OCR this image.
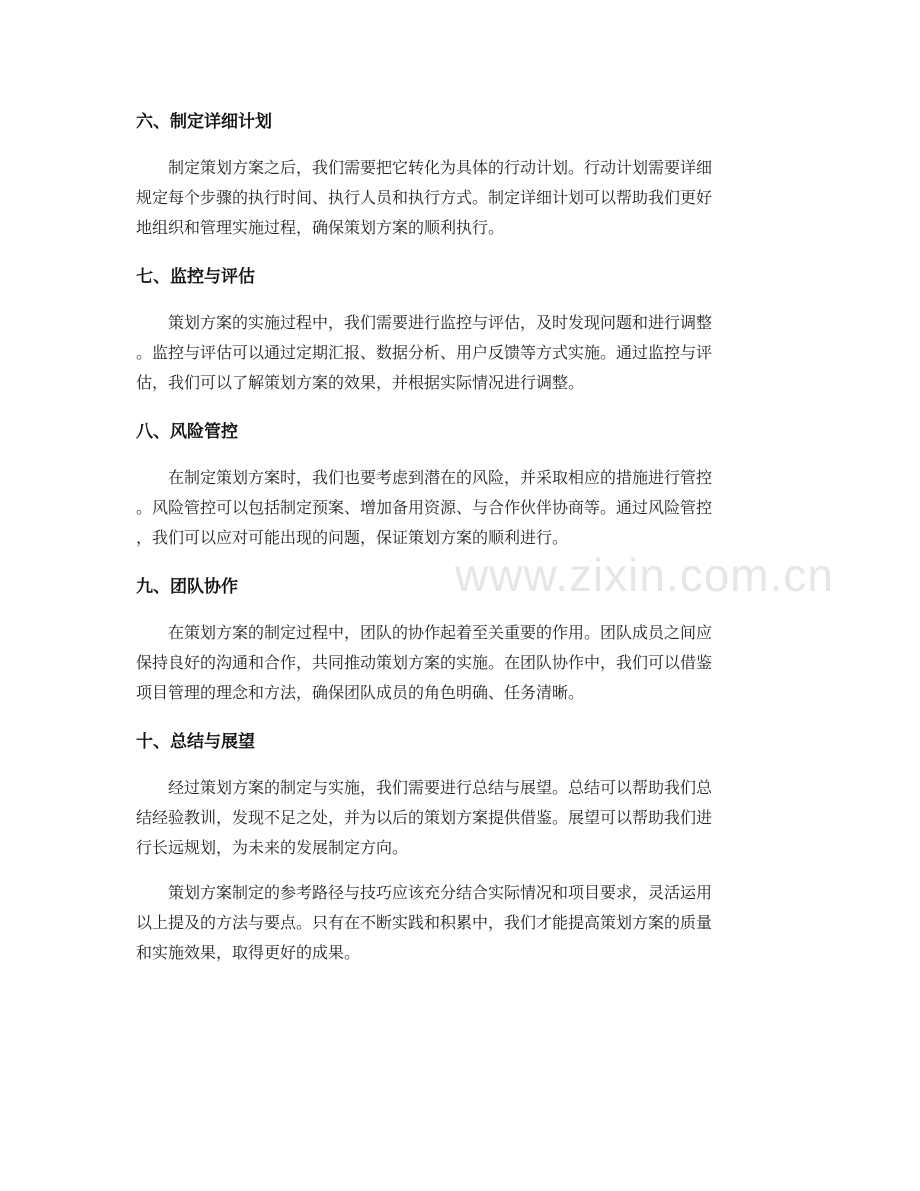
六、制定详细计划

制定策划方案之后，我们需要把它转化为具体的行动计划。行动计划需要详细
规定每个步骤的执行时间、执行人员和执行方式。制定详细计划可以帮助我们更好
地组织和管理实施过程，确保策划方案的顺利执行。

七、监控与评估

策划方案的实施过程中，我们需要进行监控与评估，及时发现问题和进行调整
。监控与评估可以通过定期汇报、数据分析、用户反馈等方式实施。通过监控与评
估，我们可以了解策划方案的效果，并根据实际情况进行调整。

八、风险管控

在制定策划方案时，我们也要考虑到潜在的风险，并采取相应的措施进行管控
。风险管控可以包括制定预案、增加备用资源、与合作伙伴协商等。通过风险管控
，我们可以应对可能出现的问题，保证策划方案的顺利进行。

九、团队协作

在策划方案的制定过程中，团队的协作起着至关重要的作用。团队成员之间应
保持良好的沟通和合作，共同推动策划方案的实施。在团队协作中，我们可以借鉴
项目管理的理念和方法，确保团队成员的角色明确、任务清晰。

十、总结与展望

经过策划方案的制定与实施，我们需要进行总结与展望。总结可以帮助我们总
结经验教训，发现不足之处，并为以后的策划方案提供借鉴。展望可以帮助我们进
行长远规划，为未来的发展制定方向。

策划方案制定的参考路径与技巧应该充分结合实际情况和项目要求，灵活运用
以上提及的方法与要点。只有在不断实践和积累中，我们才能提高策划方案的质量
和实施效果，取得更好的成果。

www.zixin.com.cn
